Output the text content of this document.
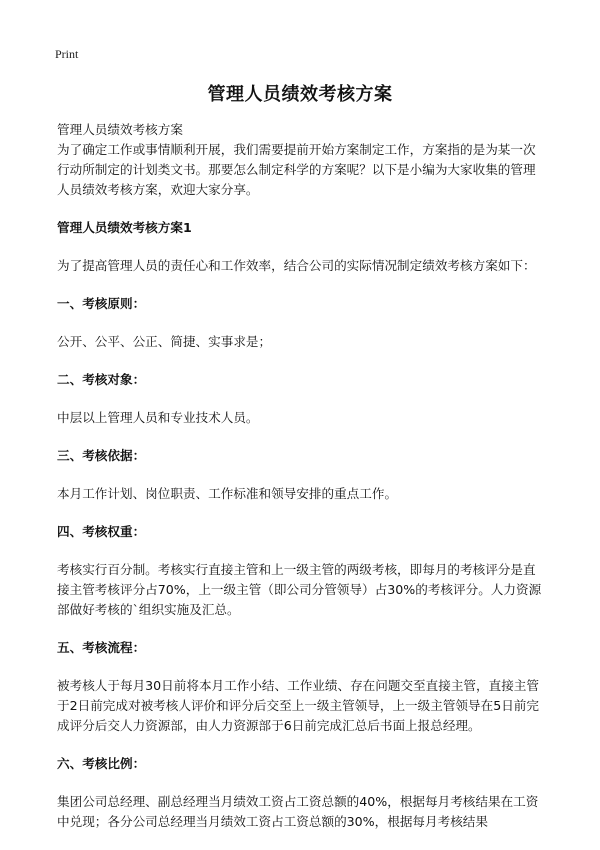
Print
管理人员绩效考核方案

管理人员绩效考核方案

为了确定工作或事情顺利开展，我们需要提前开始方案制定工作，方案指的是为某一次行动所制定的计划类文书。那要怎么制定科学的方案呢？以下是小编为大家收集的管理人员绩效考核方案，欢迎大家分享。

管理人员绩效考核方案1

为了提高管理人员的责任心和工作效率，结合公司的实际情况制定绩效考核方案如下：

一、考核原则：

公开、公平、公正、简捷、实事求是；

二、考核对象：

中层以上管理人员和专业技术人员。

三、考核依据：

本月工作计划、岗位职责、工作标准和领导安排的重点工作。

四、考核权重：

考核实行百分制。考核实行直接主管和上一级主管的两级考核，即每月的考核评分是直接主管考核评分占70%，上一级主管（即公司分管领导）占30%的考核评分。人力资源部做好考核的`组织实施及汇总。

五、考核流程：

被考核人于每月30日前将本月工作小结、工作业绩、存在问题交至直接主管，直接主管于2日前完成对被考核人评价和评分后交至上一级主管领导，上一级主管领导在5日前完成评分后交人力资源部，由人力资源部于6日前完成汇总后书面上报总经理。

六、考核比例：

集团公司总经理、副总经理当月绩效工资占工资总额的40%，根据每月考核结果在工资中兑现；各分公司总经理当月绩效工资占工资总额的30%，根据每月考核结果
